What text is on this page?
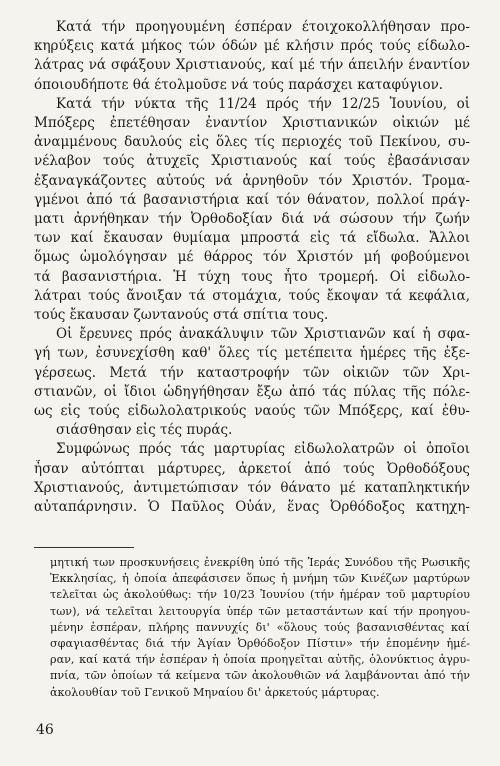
Κατά τήν προηγουμένη έσπέραν έτοιχοκολλήθησαν προ-
κηρύξεις κατά μήκος τών όδών μέ κλήσιν πρός τούς είδωλο-
λάτρας νά σφάξουν Χριστιανούς, καί μέ τήν άπειλήν έναντίον
όποιουδήποτε θά έτολμοῦσε νά τούς παράσχει καταφύγιον.

Κατά τήν νύκτα τῆς 11/24 πρός τήν 12/25 Ἰουνίου, οἱ
Μπόξερς ἐπετέθησαν ἐναντίον Χριστιανικών οἰκιών μέ
ἀναμμένους δαυλούς εἰς ὅλες τίς περιοχές τοῦ Πεκίνου, συ-
νέλαβον τούς ἀτυχεῖς Χριστιανούς καί τούς ἐβασάνισαν
ἐξαναγκάζοντες αὐτούς νά ἀρνηθοῦν τόν Χριστόν. Τρομα-
γμένοι ἀπό τά βασανιστήρια καί τόν θάνατον, πολλοί πράγ-
ματι ἀρνήθηκαν τήν Ὀρθοδοξίαν διά νά σώσουν τήν ζωήν
των καί ἔκαυσαν θυμίαμα μπροστά εἰς τά εἴδωλα. Ἄλλοι
ὅμως ὡμολόγησαν μέ θάρρος τόν Χριστόν μή φοβούμενοι
τά βασανιστήρια. Ἡ τύχη τους ἦτο τρομερή. Οἱ εἰδωλο-
λάτραι τούς ἄνοιξαν τά στομάχια, τούς ἔκοψαν τά κεφάλια,
τούς ἔκαυσαν ζωντανούς στά σπίτια τους.

Οἱ ἔρευνες πρός ἀνακάλυψιν τῶν Χριστιανῶν καί ἡ σφα-
γή των, ἐσυνεχίσθη καθ' ὅλες τίς μετέπειτα ἡμέρες τῆς ἐξε-
γέρσεως. Μετά τήν καταστροφήν τῶν οἰκιῶν τῶν Χρι-
στιανῶν, οἱ ἴδιοι ὡδηγήθησαν ἔξω ἀπό τάς πύλας τῆς πόλε-
ως εἰς τούς εἰδωλολατρικούς ναούς τῶν Μπόξερς, καί ἐθυ-
σιάσθησαν εἰς τές πυράς.

Συμφώνως πρός τάς μαρτυρίας εἰδωλολατρῶν οἱ ὁποῖοι
ἦσαν αὐτόπται μάρτυρες, ἀρκετοί ἀπό τούς Ὀρθοδόξους
Χριστιανούς, ἀντιμετώπισαν τόν θάνατο μέ καταπληκτικήν
αὐταπάρνησιν. Ὁ Παῦλος Οὐάν, ἕνας Ὀρθόδοξος κατηχη-

μητική των προσκυνήσεις ἐνεκρίθη ὑπό τῆς Ἱεράς Συνόδου τῆς Ρωσικῆς
Ἐκκλησίας, ἡ ὁποία ἀπεφάσισεν ὅπως ἡ μνήμη τῶν Κινέζων μαρτύρων
τελεῖται ὡς ἀκολούθως: τήν 10/23 Ἰουνίου (τήν ἡμέραν τοῦ μαρτυρίου
των), νά τελεῖται λειτουργία ὑπέρ τῶν μεταστάντων καί τήν προηγου-
μένην ἑσπέραν, πλήρης παννυχίς δι' «ὅλους τούς βασανισθέντας καί
σφαγιασθέντας διά τήν Ἁγίαν Ὀρθόδοξον Πίστιν» τήν ἑπομένην ἡμέ-
ραν, καί κατά τήν ἑσπέραν ἡ ὁποία προηγεῖται αὐτῆς, ὁλονύκτιος ἀγρυ-
πνία, τῶν ὁποίων τά κείμενα τῶν ἀκολουθιῶν νά λαμβάνονται ἀπό τήν
ἀκολουθίαν τοῦ Γενικοῦ Μηναίου δι' ἀρκετούς μάρτυρας.
46
